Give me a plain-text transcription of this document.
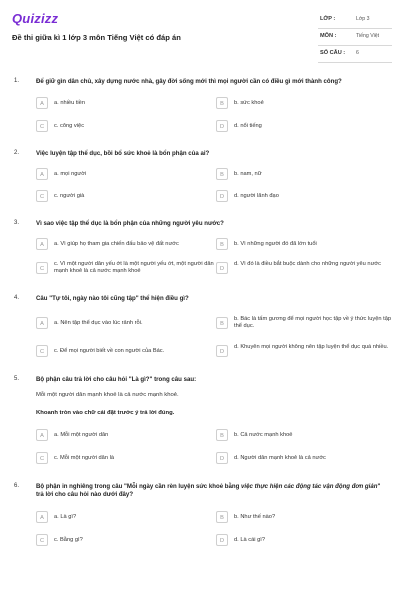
Quizizz
Đề thi giữa kì 1 lớp 3 môn Tiếng Việt có đáp án
LỚP :	Lớp 3
MÔN :	Tiếng Việt
SỐ CÂU : 6
1.	Để giữ gìn dân chủ, xây dựng nước nhà, gây đời sống mới thì mọi người cần có điều gì mới thành công?
A	a. nhiều tiền	B	b. sức khoẻ
C	c. công việc	D	d. nổi tiếng
2.	Việc luyện tập thể dục, bồi bổ sức khoẻ là bổn phận của ai?
A	a. mọi người	B	b. nam, nữ
C	c. người già	D	d. người lãnh đạo
3.	Vì sao việc tập thể dục là bổn phận của những người yêu nước?
A	a. Vì giúp họ tham gia chiến đấu bảo vệ đất nước	B	b. Vì những người đó đã lớn tuổi
C
c. Vì một người dân yếu ớt là một người yếu ớt, một người dân mạnh khoẻ là cả nước mạnh khoẻ	D
d. Vì đó là điều bắt buộc dành cho những người yêu nước
4.	Câu "Tự tôi, ngày nào tôi cũng tập" thể hiện điều gì?
A	a. Nên tập thể dục vào lúc rảnh rỗi.	B
b. Bác là tấm gương để mọi người học tập về ý thức luyện tập thể dục.
C	c. Để mọi người biết về con người của Bác.	D
d. Khuyên mọi người không nên tập luyện thể dục quá nhiều.
5.	Bộ phận câu trả lời cho câu hỏi "Là gì?" trong câu sau:
Mỗi một người dân mạnh khoẻ là cả nước mạnh khoẻ.
Khoanh tròn vào chữ cái đặt trước ý trả lời đúng.
A	a. Mỗi một người dân	B	b. Cả nước mạnh khoẻ
C	c. Mỗi một người dân là	D	d. Người dân mạnh khoẻ là cả nước
6.	Bộ phận in nghiêng trong câu "Mỗi ngày cần rèn luyện sức khoẻ bằng việc thực hiện các động tác vận động đơn giản" trả lời cho câu hỏi nào dưới đây?
A	a. Là gì?	B	b. Như thế nào?
C	c. Bằng gì?	D	d. Là cái gì?
